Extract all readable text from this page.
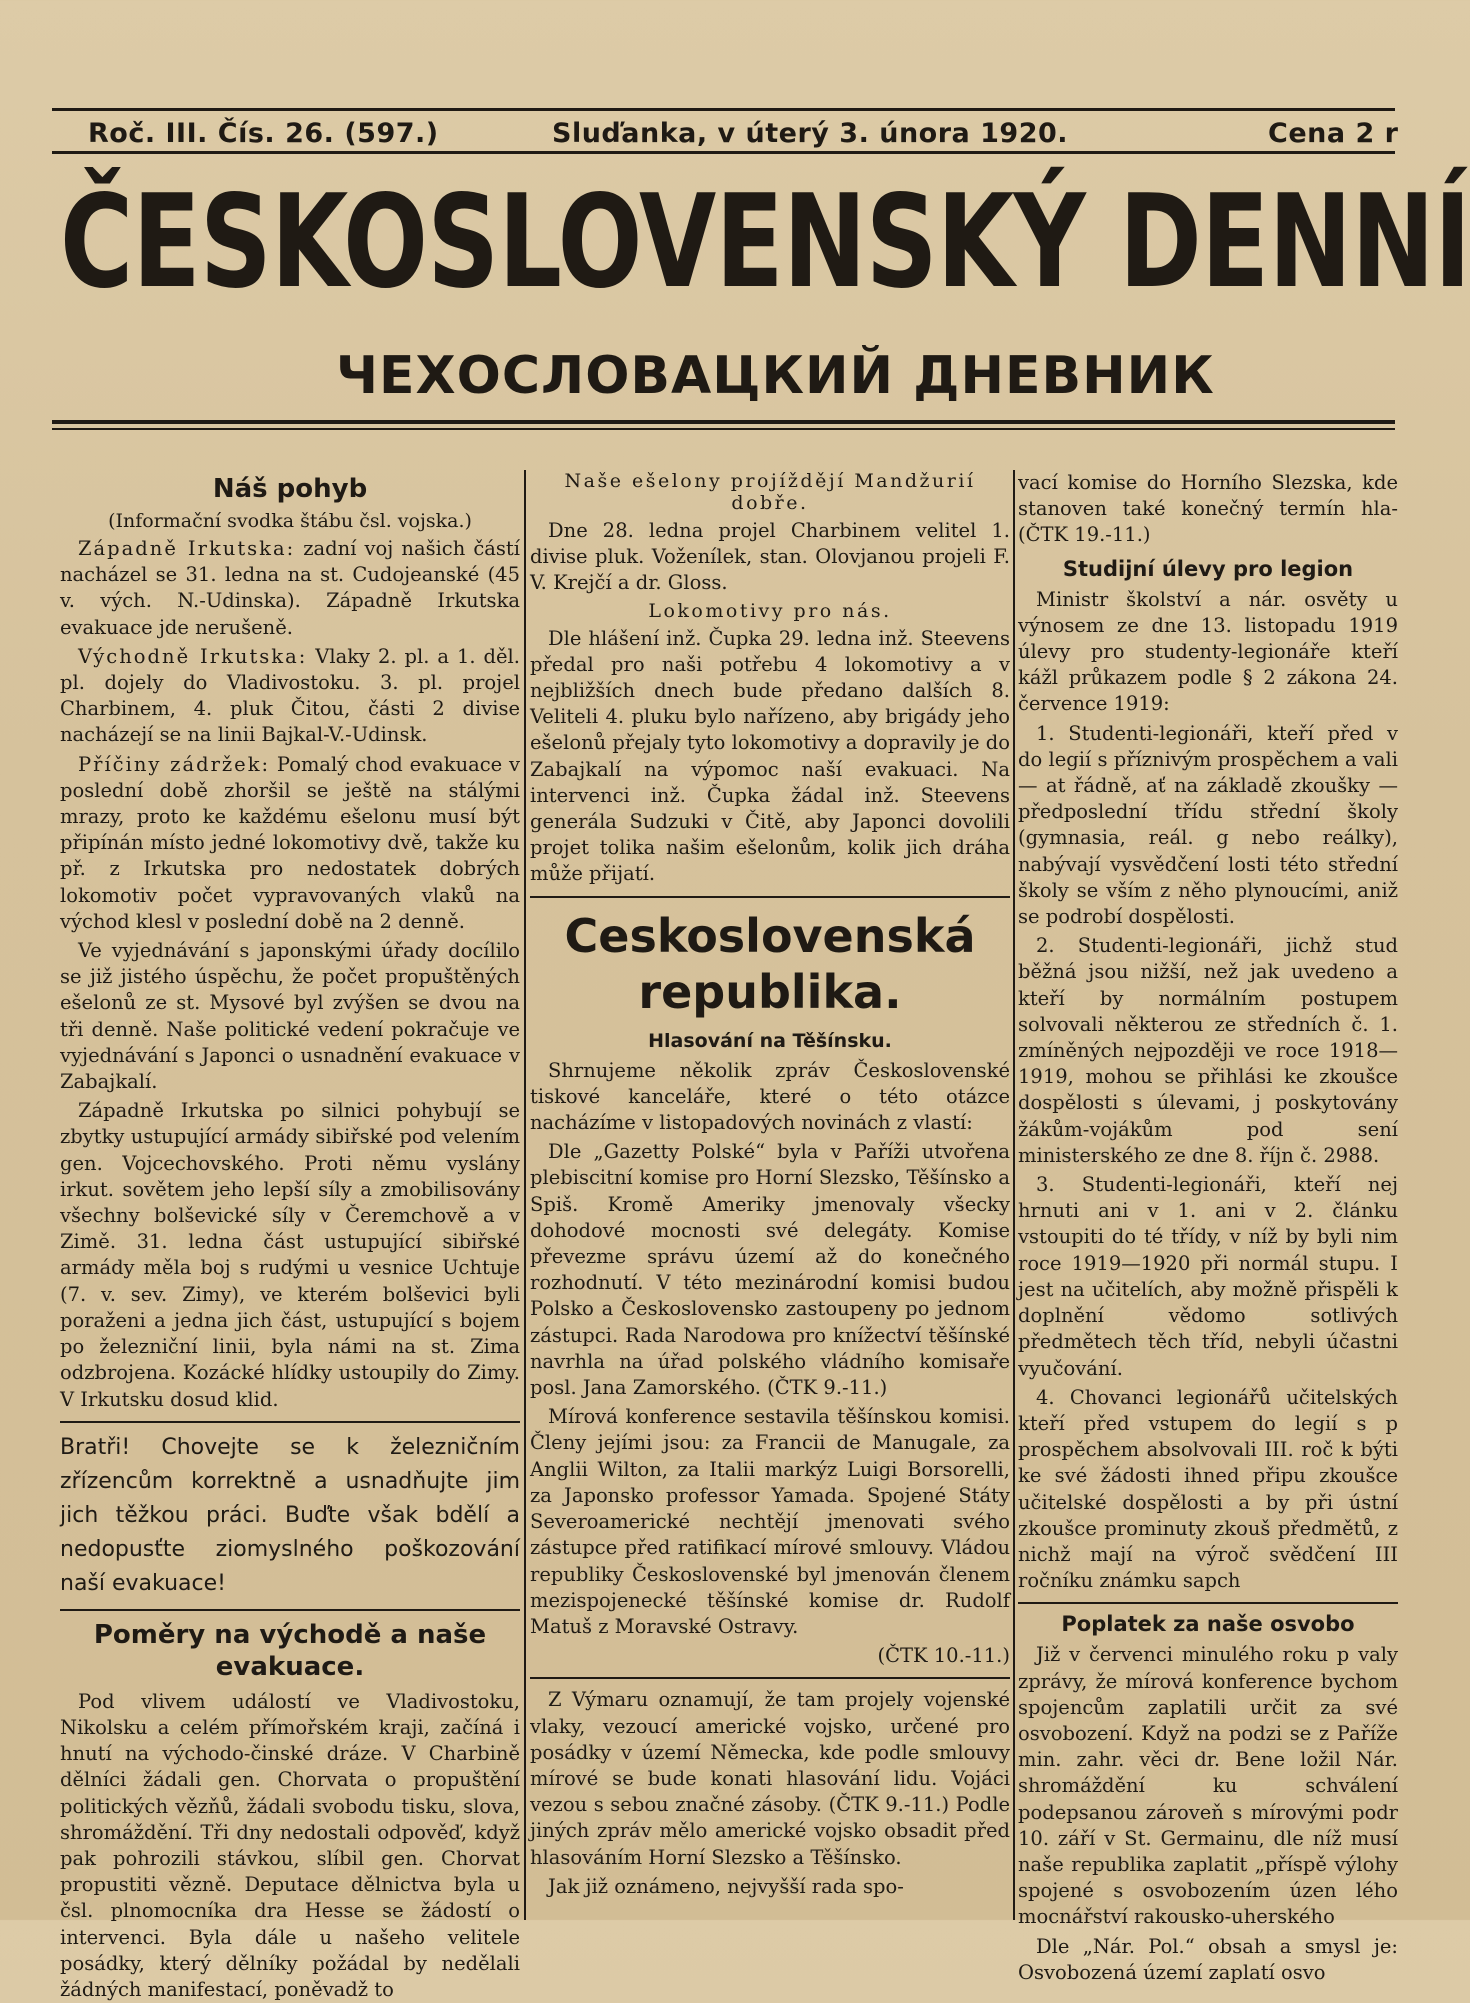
Roč. III. Čís. 26. (597.)	Sluďanka, v úterý 3. února 1920.	Cena 2 r
ČESKOSLOVENSKÝ DENNÍ
ЧЕХОСЛОВАЦКИЙ ДНЕВНИК
Náš pohyb
(Informační svodka štábu čsl. vojska.)

Západně Irkutska: zadní voj našich částí nacházel se 31. ledna na st. Cudojeanské (45 v. vých. N.-Udinska). Západně Irkutska evakuace jde nerušeně.

Východně Irkutska: Vlaky 2. pl. a 1. děl. pl. dojely do Vladivostoku. 3. pl. projel Charbinem, 4. pluk Čitou, části 2 divise nacházejí se na linii Bajkal-V.-Udinsk.

Příčiny zádržek: Pomalý chod evakuace v poslední době zhoršil se ještě na stálými mrazy, proto ke každému ešelonu musí být připínán místo jedné lokomotivy dvě, takže ku př. z Irkutska pro nedostatek dobrých lokomotiv počet vypravovaných vlaků na východ klesl v poslední době na 2 denně.

Ve vyjednávání s japonskými úřady docílilo se již jistého úspěchu, že počet propuštěných ešelonů ze st. Mysové byl zvýšen se dvou na tři denně. Naše politické vedení pokračuje ve vyjednávání s Japonci o usnadnění evakuace v Zabajkalí.

Západně Irkutska po silnici pohybují se zbytky ustupující armády sibiřské pod velením gen. Vojcechovského. Proti němu vyslány irkut. sovětem jeho lepší síly a zmobilisovány všechny bolševické síly v Čeremchově a v Zimě. 31. ledna část ustupující sibiřské armády měla boj s rudými u vesnice Uchtuje (7. v. sev. Zimy), ve kterém bolševici byli poraženi a jedna jich část, ustupující s bojem po železniční linii, byla námi na st. Zima odzbrojena. Kozácké hlídky ustoupily do Zimy. V Irkutsku dosud klid.

Bratři! Chovejte se k železničním zřízencům korrektně a usnadňujte jim jich těžkou práci. Buďte však bdělí a nedopusťte ziomyslného poškozování naší evakuace!
Poměry na východě a naše evakuace.

Pod vlivem událostí ve Vladivostoku, Nikolsku a celém přímořském kraji, začíná i hnutí na východo-činské dráze. V Charbině dělníci žádali gen. Chorvata o propuštění politických vězňů, žádali svobodu tisku, slova, shromáždění. Tři dny nedostali odpověď, když pak pohrozili stávkou, slíbil gen. Chorvat propustiti vězně. Deputace dělnictva byla u čsl. plnomocníka dra Hesse se žádostí o intervenci. Byla dále u našeho velitele posádky, který dělníky požádal by nedělali žádných manifestací, poněvadž to

Naše ešelony projíždějí Mandžurií dobře.

Dne 28. ledna projel Charbinem velitel 1. divise pluk. Voženílek, stan. Olovjanou projeli F. V. Krejčí a dr. Gloss.

Lokomotivy pro nás.

Dle hlášení inž. Čupka 29. ledna inž. Steevens předal pro naši potřebu 4 lokomotivy a v nejbližších dnech bude předano dalších 8. Veliteli 4. pluku bylo nařízeno, aby brigády jeho ešelonů přejaly tyto lokomotivy a dopravily je do Zabajkalí na výpomoc naší evakuaci. Na intervenci inž. Čupka žádal inž. Steevens generála Sudzuki v Čitě, aby Japonci dovolili projet tolika našim ešelonům, kolik jich dráha může přijatí.

Ceskoslovenská republika.
Hlasování na Těšínsku.

Shrnujeme několik zpráv Československé tiskové kanceláře, které o této otázce nacházíme v listopadových novinách z vlastí:

Dle „Gazetty Polské“ byla v Paříži utvořena plebiscitní komise pro Horní Slezsko, Těšínsko a Spiš. Kromě Ameriky jmenovaly všecky dohodové mocnosti své delegáty. Komise převezme správu území až do konečného rozhodnutí. V této mezinárodní komisi budou Polsko a Československo zastoupeny po jednom zástupci. Rada Narodowa pro knížectví těšínské navrhla na úřad polského vládního komisaře posl. Jana Zamorského. (ČTK 9.-11.)

Mírová konference sestavila těšínskou komisi. Členy jejími jsou: za Francii de Manugale, za Anglii Wilton, za Italii markýz Luigi Borsorelli, za Japonsko professor Yamada. Spojené Státy Severoamerické nechtějí jmenovati svého zástupce před ratifikací mírové smlouvy. Vládou republiky Československé byl jmenován členem mezispojenecké těšínské komise dr. Rudolf Matuš z Moravské Ostravy.

(ČTK 10.-11.)

Z Výmaru oznamují, že tam projely vojenské vlaky, vezoucí americké vojsko, určené pro posádky v území Německa, kde podle smlouvy mírové se bude konati hlasování lidu. Vojáci vezou s sebou značné zásoby. (ČTK 9.-11.) Podle jiných zpráv mělo americké vojsko obsadit před hlasováním Horní Slezsko a Těšínsko.

Jak již oznámeno, nejvyšší rada spo-

vací komise do Horního Slezska, kde stanoven také konečný termín hla- (ČTK 19.-11.)

Studijní úlevy pro legion

Ministr školství a nár. osvěty u výnosem ze dne 13. listopadu 1919 úlevy pro studenty-legionáře kteří kážl průkazem podle § 2 zákona 24. července 1919:

1. Studenti-legionáři, kteří před v do legií s příznivým prospěchem a vali — at řádně, ať na základě zkoušky — předposlední třídu střední školy (gymnasia, reál. g nebo reálky), nabývají vysvědčení losti této střední školy se vším z něho plynoucími, aniž se podrobí dospělosti.

2. Studenti-legionáři, jichž stud běžná jsou nižší, než jak uvedeno a kteří by normálním postupem solvovali některou ze středních č. 1. zmíněných nejpozději ve roce 1918—1919, mohou se přihlási ke zkoušce dospělosti s úlevami, j poskytovány žákům-vojákům pod sení ministerského ze dne 8. říjn č. 2988.

3. Studenti-legionáři, kteří nej hrnuti ani v 1. ani v 2. článku vstoupiti do té třídy, v níž by byli nim roce 1919—1920 při normál stupu. I jest na učitelích, aby možně přispěli k doplnění vědomo sotlivých předmětech těch tříd, nebyli účastni vyučování.

4. Chovanci legionářů učitelských kteří před vstupem do legií s p prospěchem absolvovali III. roč k býti ke své žádosti ihned připu zkoušce učitelské dospělosti a by při ústní zkoušce prominuty zkouš předmětů, z nichž mají na výroč svědčení III ročníku známku sapch

Poplatek za naše osvobo

Již v červenci minulého roku p valy zprávy, že mírová konference bychom spojencům zaplatili určit za své osvobození. Když na podzi se z Paříže min. zahr. věci dr. Bene ložil Nár. shromáždění ku schválení podepsanou zároveň s mírovými podr 10. září v St. Germainu, dle níž musí naše republika zaplatit „příspě výlohy spojené s osvobozením úzen lého mocnářství rakousko-uherského

Dle „Nár. Pol.“ obsah a smysl je: Osvobozená území zaplatí osvo
